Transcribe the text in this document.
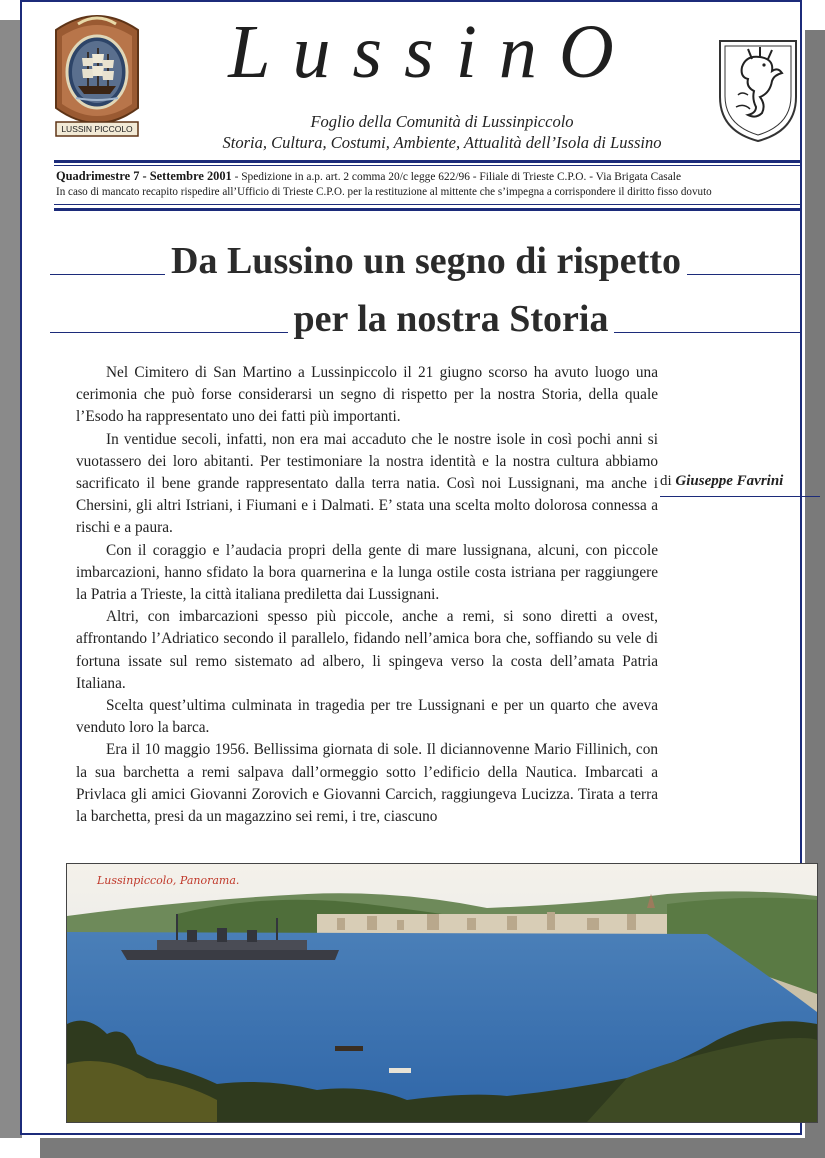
LUSSIN PICCOLO
LussinO
Foglio della Comunità di Lussinpiccolo
Storia, Cultura, Costumi, Ambiente, Attualità dell’Isola di Lussino
Quadrimestre 7 - Settembre 2001 - Spedizione in a.p. art. 2 comma 20/c legge 622/96 - Filiale di Trieste C.P.O. - Via Brigata Casale
In caso di mancato recapito rispedire all’Ufficio di Trieste C.P.O. per la restituzione al mittente che s’impegna a corrispondere il diritto fisso dovuto
Da Lussino un segno di rispetto
per la nostra Storia

Nel Cimitero di San Martino a Lussinpiccolo il 21 giugno scorso ha avuto luogo una cerimonia che può forse considerarsi un segno di rispetto per la nostra Storia, della quale l’Esodo ha rappresentato uno dei fatti più importanti.

In ventidue secoli, infatti, non era mai accaduto che le nostre isole in così pochi anni si vuotassero dei loro abitanti. Per testimoniare la nostra identità e la nostra cultura abbiamo sacrificato il bene grande rappresentato dalla terra natia. Così noi Lussignani, ma anche i Chersini, gli altri Istriani, i Fiumani e i Dalmati. E’ stata una scelta molto dolorosa connessa a rischi e a paura.

Con il coraggio e l’audacia propri della gente di mare lussignana, alcuni, con piccole imbarcazioni, hanno sfidato la bora quarnerina e la lunga ostile costa istriana per raggiungere la Patria a Trieste, la città italiana prediletta dai Lussignani.

Altri, con imbarcazioni spesso più piccole, anche a remi, si sono diretti a ovest, affrontando l’Adriatico secondo il parallelo, fidando nell’amica bora che, soffiando su vele di fortuna issate sul remo sistemato ad albero, li spingeva verso la costa dell’amata Patria Italiana.

Scelta quest’ultima culminata in tragedia per tre Lussignani e per un quarto che aveva venduto loro la barca.

Era il 10 maggio 1956. Bellissima giornata di sole. Il diciannovenne Mario Fillinich, con la sua barchetta a remi salpava dall’ormeggio sotto l’edificio della Nautica. Imbarcati a Privlaca gli amici Giovanni Zorovich e Giovanni Carcich, raggiungeva Lucizza. Tirata a terra la barchetta, presi da un magazzino sei remi, i tre, ciascuno

di Giuseppe Favrini
Lussinpiccolo, Panorama.
